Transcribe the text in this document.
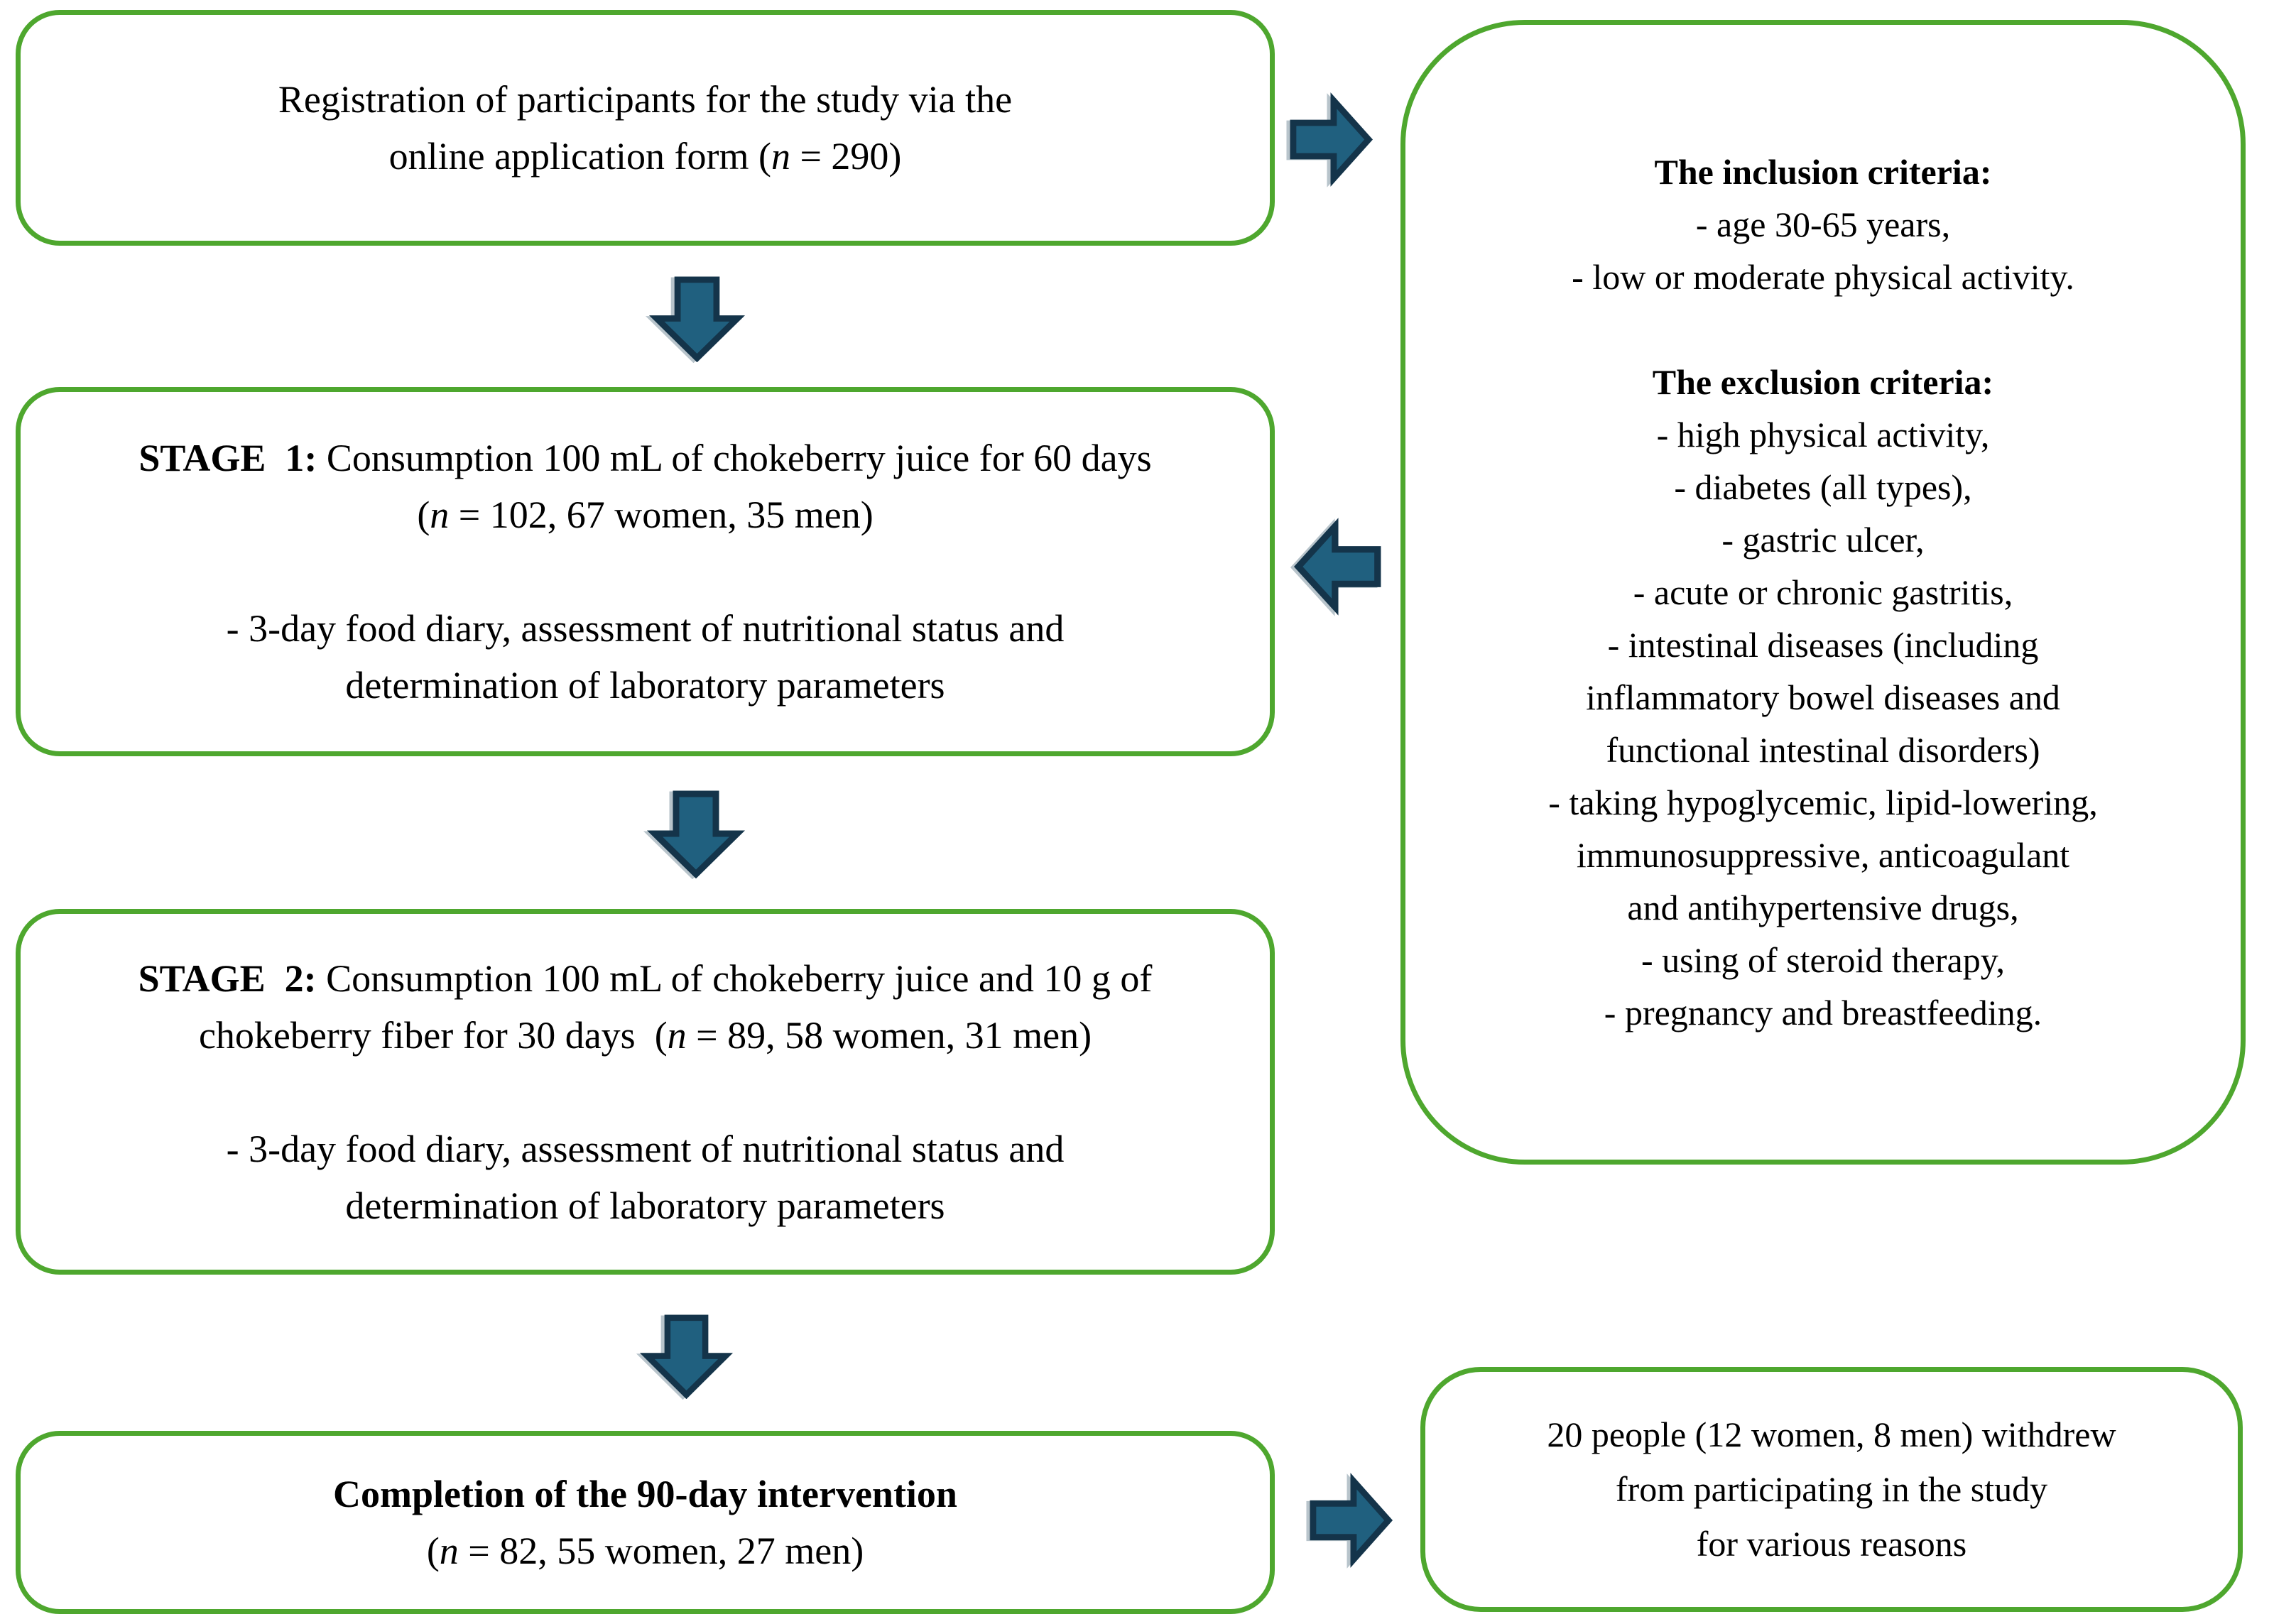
Registration of participants for the study via the
online application form (n = 290)
STAGE  1: Consumption 100 mL of chokeberry juice for 60 days
(n = 102, 67 women, 35 men)
- 3-day food diary, assessment of nutritional status and
determination of laboratory parameters
STAGE  2: Consumption 100 mL of chokeberry juice and 10 g of
chokeberry fiber for 30 days  (n = 89, 58 women, 31 men)
- 3-day food diary, assessment of nutritional status and
determination of laboratory parameters
Completion of the 90-day intervention
(n = 82, 55 women, 27 men)
The inclusion criteria:
- age 30-65 years,
- low or moderate physical activity.
The exclusion criteria:
- high physical activity,
- diabetes (all types),
- gastric ulcer,
- acute or chronic gastritis,
- intestinal diseases (including
inflammatory bowel diseases and
functional intestinal disorders)
- taking hypoglycemic, lipid-lowering,
immunosuppressive, anticoagulant
and antihypertensive drugs,
- using of steroid therapy,
- pregnancy and breastfeeding.
20 people (12 women, 8 men) withdrew
from participating in the study
for various reasons
